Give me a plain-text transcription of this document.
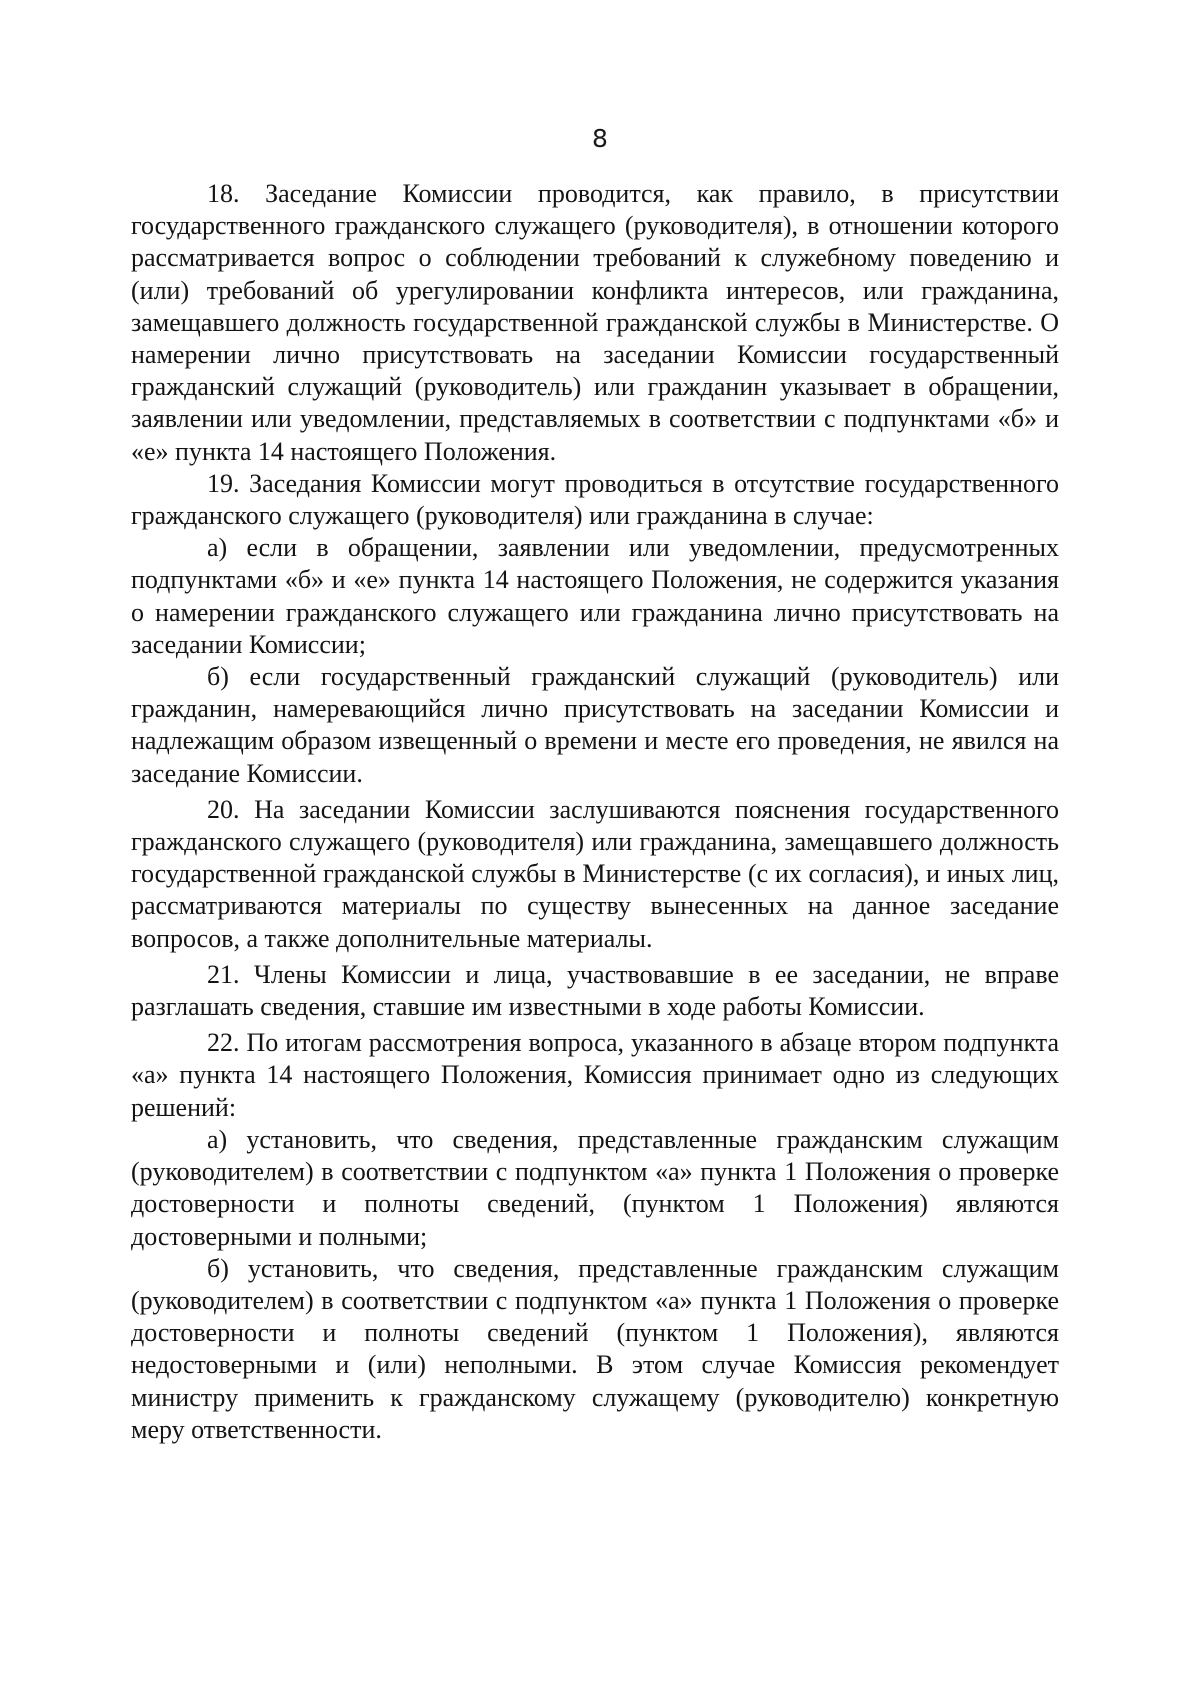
8

18. Заседание Комиссии проводится, как правило, в присутствии государственного гражданского служащего (руководителя), в отношении которого рассматривается вопрос о соблюдении требований к служебному поведению и (или) требований об урегулировании конфликта интересов, или гражданина, замещавшего должность государственной гражданской службы в Министерстве. О намерении лично присутствовать на заседании Комиссии государственный гражданский служащий (руководитель) или гражданин указывает в обращении, заявлении или уведомлении, представляемых в соответствии с подпунктами «б» и «е» пункта 14 настоящего Положения.

19. Заседания Комиссии могут проводиться в отсутствие государственного гражданского служащего (руководителя) или гражданина в случае:

а) если в обращении, заявлении или уведомлении, предусмотренных подпунктами «б» и «е» пункта 14 настоящего Положения, не содержится указания о намерении гражданского служащего или гражданина лично присутствовать на заседании Комиссии;

б) если государственный гражданский служащий (руководитель) или гражданин, намеревающийся лично присутствовать на заседании Комиссии и надлежащим образом извещенный о времени и месте его проведения, не явился на заседание Комиссии.

20. На заседании Комиссии заслушиваются пояснения государственного гражданского служащего (руководителя) или гражданина, замещавшего должность государственной гражданской службы в Министерстве (с их согласия), и иных лиц, рассматриваются материалы по существу вынесенных на данное заседание вопросов, а также дополнительные материалы.

21. Члены Комиссии и лица, участвовавшие в ее заседании, не вправе разглашать сведения, ставшие им известными в ходе работы Комиссии.

22. По итогам рассмотрения вопроса, указанного в абзаце втором подпункта «а» пункта 14 настоящего Положения, Комиссия принимает одно из следующих решений:

а) установить, что сведения, представленные гражданским служащим (руководителем) в соответствии с подпунктом «а» пункта 1 Положения о проверке достоверности и полноты сведений, (пунктом 1 Положения) являются достоверными и полными;

б) установить, что сведения, представленные гражданским служащим (руководителем) в соответствии с подпунктом «а» пункта 1 Положения о проверке достоверности и полноты сведений (пунктом 1 Положения), являются недостоверными и (или) неполными. В этом случае Комиссия рекомендует министру применить к гражданскому служащему (руководителю) конкретную меру ответственности.
